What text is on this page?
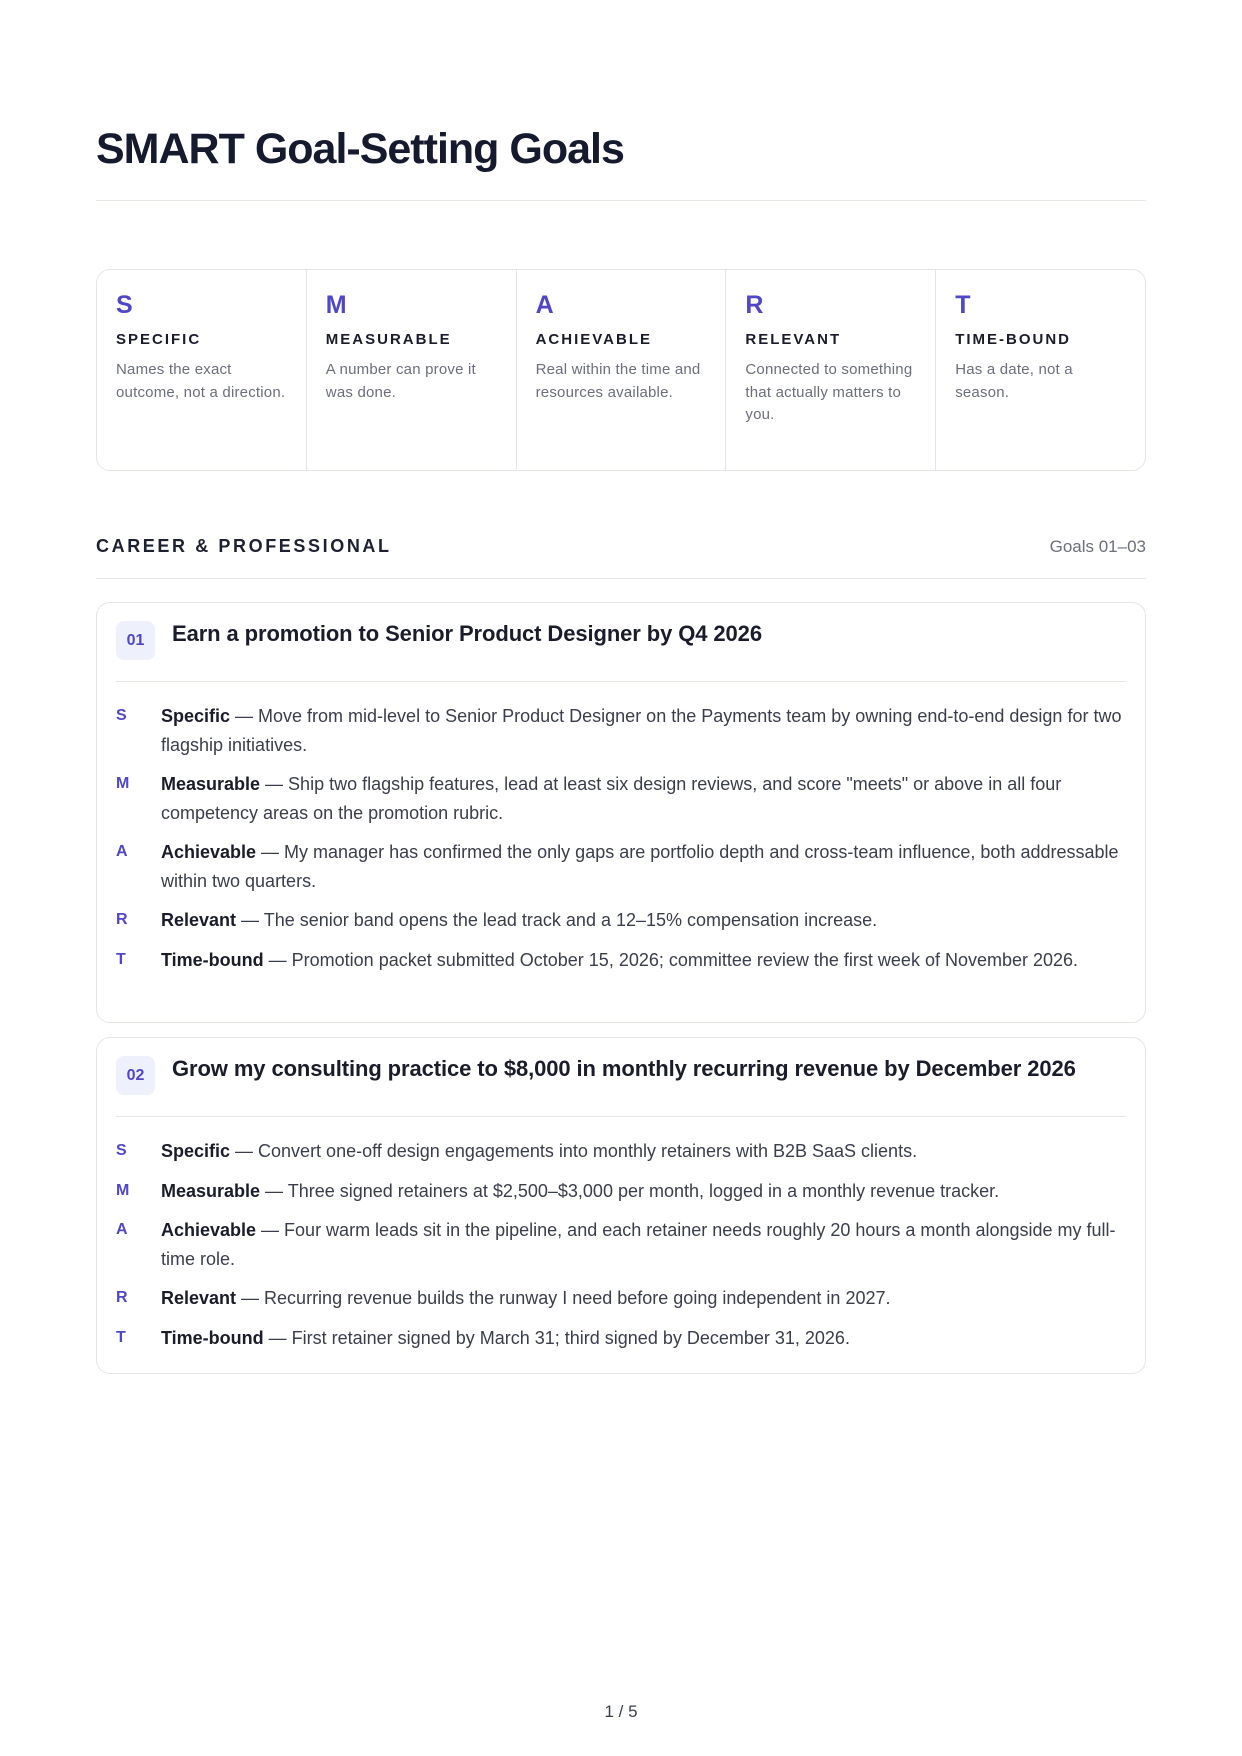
SMART Goal-Setting Goals
S
SPECIFIC
Names the exact outcome, not a direction.
M
MEASURABLE
A number can prove it was done.
A
ACHIEVABLE
Real within the time and resources available.
R
RELEVANT
Connected to something that actually matters to you.
T
TIME-BOUND
Has a date, not a season.
CAREER & PROFESSIONAL	Goals 01–03
01	Earn a promotion to Senior Product Designer by Q4 2026
S Specific — Move from mid-level to Senior Product Designer on the Payments team by owning end-to-end design for two flagship initiatives.
M Measurable — Ship two flagship features, lead at least six design reviews, and score "meets" or above in all four competency areas on the promotion rubric.
A Achievable — My manager has confirmed the only gaps are portfolio depth and cross-team influence, both addressable within two quarters.
R Relevant — The senior band opens the lead track and a 12–15% compensation increase.
T Time-bound — Promotion packet submitted October 15, 2026; committee review the first week of November 2026.
02	Grow my consulting practice to $8,000 in monthly recurring revenue by December 2026
S Specific — Convert one-off design engagements into monthly retainers with B2B SaaS clients.
M Measurable — Three signed retainers at $2,500–$3,000 per month, logged in a monthly revenue tracker.
A Achievable — Four warm leads sit in the pipeline, and each retainer needs roughly 20 hours a month alongside my full-time role.
R Relevant — Recurring revenue builds the runway I need before going independent in 2027.
T Time-bound — First retainer signed by March 31; third signed by December 31, 2026.
1 / 5
